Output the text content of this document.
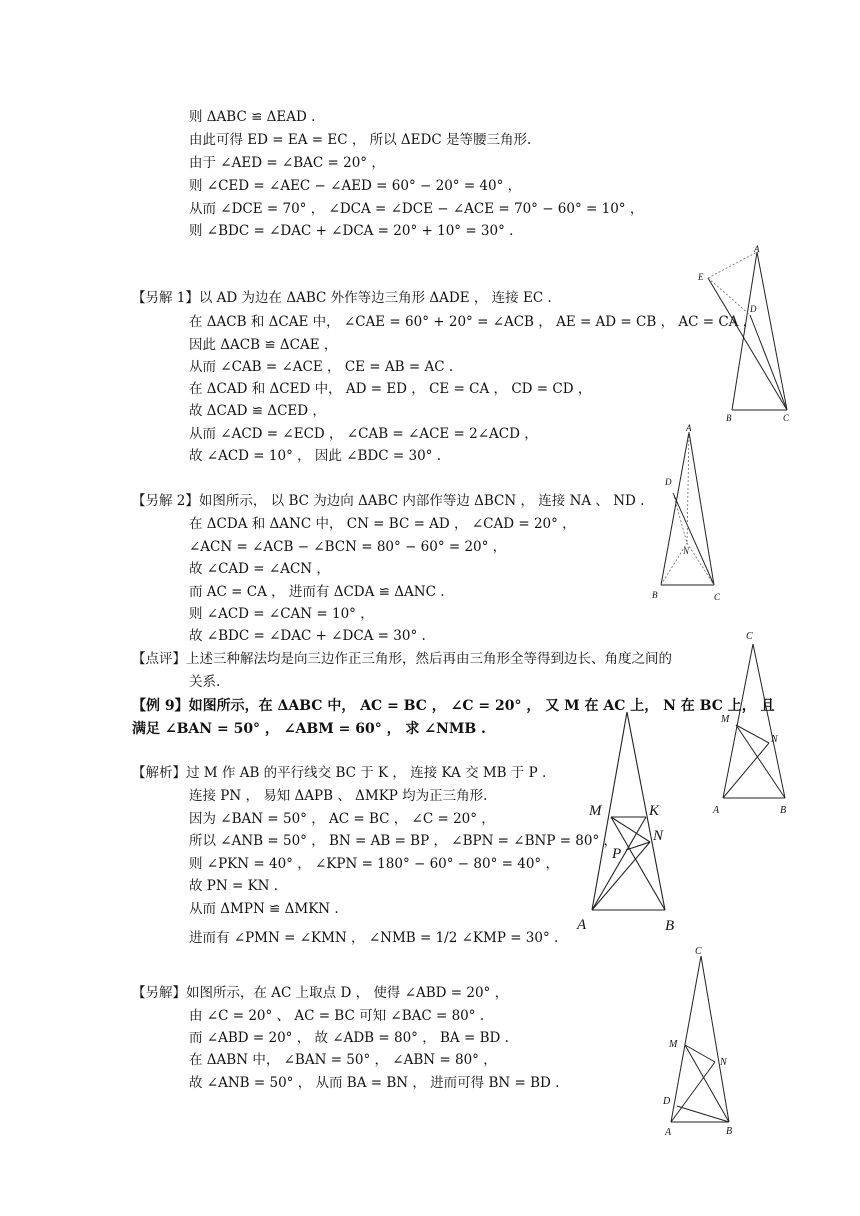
则 ΔABC ≌ ΔEAD .
由此可得 ED = EA = EC ， 所以 ΔEDC 是等腰三角形.
由于 ∠AED = ∠BAC = 20° ，
则 ∠CED = ∠AEC − ∠AED = 60° − 20° = 40° ，
从而 ∠DCE = 70° ， ∠DCA = ∠DCE − ∠ACE = 70° − 60° = 10° ，
则 ∠BDC = ∠DAC + ∠DCA = 20° + 10° = 30° .
【另解 1】以 AD 为边在 ΔABC 外作等边三角形 ΔADE ， 连接 EC .
在 ΔACB 和 ΔCAE 中， ∠CAE = 60° + 20° = ∠ACB ， AE = AD = CB ， AC = CA ，
因此 ΔACB ≌ ΔCAE ，
从而 ∠CAB = ∠ACE ， CE = AB = AC .
在 ΔCAD 和 ΔCED 中， AD = ED ， CE = CA ， CD = CD ，
故 ΔCAD ≌ ΔCED ，
从而 ∠ACD = ∠ECD ， ∠CAB = ∠ACE = 2∠ACD ，
故 ∠ACD = 10° ， 因此 ∠BDC = 30° .
【另解 2】如图所示， 以 BC 为边向 ΔABC 内部作等边 ΔBCN ， 连接 NA 、 ND .
在 ΔCDA 和 ΔANC 中， CN = BC = AD ， ∠CAD = 20° ，
∠ACN = ∠ACB − ∠BCN = 80° − 60° = 20° ，
故 ∠CAD = ∠ACN ，
而 AC = CA ， 进而有 ΔCDA ≌ ΔANC .
则 ∠ACD = ∠CAN = 10° ，
故 ∠BDC = ∠DAC + ∠DCA = 30° .
【点评】上述三种解法均是向三边作正三角形，然后再由三角形全等得到边长、角度之间的
关系.
【例 9】如图所示，在 ΔABC 中， AC = BC ， ∠C = 20° ， 又 M 在 AC 上， N 在 BC 上， 且
满足 ∠BAN = 50° ， ∠ABM = 60° ， 求 ∠NMB .
【解析】过 M 作 AB 的平行线交 BC 于 K ， 连接 KA 交 MB 于 P .
连接 PN ， 易知 ΔAPB 、 ΔMKP 均为正三角形.
因为 ∠BAN = 50° ， AC = BC ， ∠C = 20° ，
所以 ∠ANB = 50° ， BN = AB = BP ， ∠BPN = ∠BNP = 80° ，
则 ∠PKN = 40° ， ∠KPN = 180° − 60° − 80° = 40° ，
故 PN = KN .
从而 ΔMPN ≌ ΔMKN .
进而有 ∠PMN = ∠KMN ， ∠NMB = 1/2 ∠KMP = 30° .
【另解】如图所示，在 AC 上取点 D ， 使得 ∠ABD = 20° ，
由 ∠C = 20° 、 AC = BC 可知 ∠BAC = 80° .
而 ∠ABD = 20° ， 故 ∠ADB = 80° ， BA = BD .
在 ΔABN 中， ∠BAN = 50° ， ∠ABN = 80° ，
故 ∠ANB = 50° ， 从而 BA = BN ， 进而可得 BN = BD .
A
E
D
B	C
A
D
N
B	C
C
M
N
A	B
M	K
N
P
A	B
C
M
N
D
A	B
